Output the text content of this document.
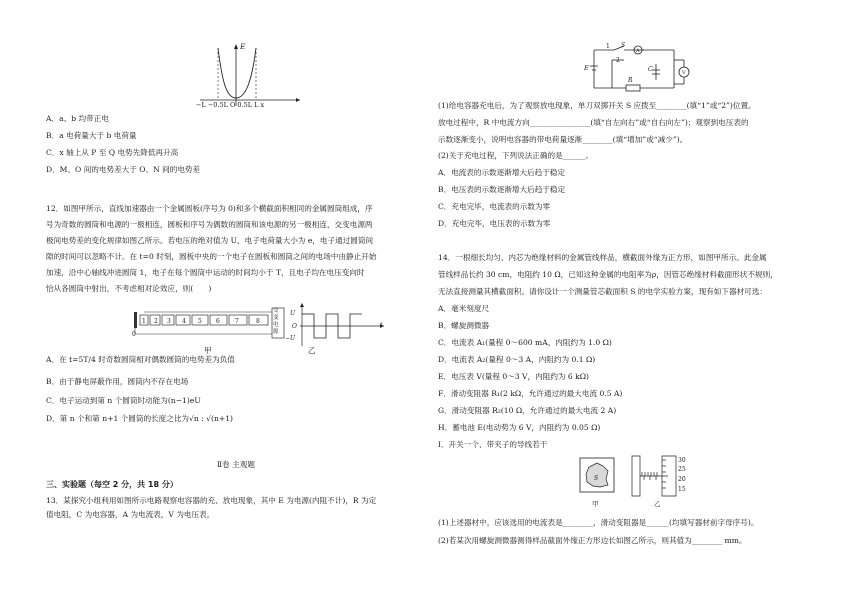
E
−L −0.5L O 0.5L L x
A．a、b 均带正电
B．a 电荷量大于 b 电荷量
C．x 轴上从 P 至 Q 电势先降低再升高
D．M、O 间的电势差大于 O、N 间的电势差
12．如图甲所示，直线加速器由一个金属圆板(序号为 0)和多个横截面积相同的金属圆筒组成，序
号为奇数的圆筒和电源的一极相连，圆板和序号为偶数的圆筒和该电源的另一极相连，交变电源两
极间电势差的变化规律如图乙所示。若电压的绝对值为 U，电子电荷量大小为 e，电子通过圆筒间
隙的时间可以忽略不计。在 t=0 时刻，圆板中央的一个电子在圆板和圆筒之间的电场中由静止开始
加速，沿中心轴线冲进圆筒 1，电子在每个圆筒中运动的时间均小于 T，且电子均在电压变向时
恰从各圆筒中射出，不考虑相对论效应，则(　　)
1 2 3 4 5 6	7	8
0
交变电源
甲
U
O
−U
t
乙
A．在 t=5T/4 时奇数圆筒相对偶数圆筒的电势差为负值
B．由于静电屏蔽作用，圆筒内不存在电场
C．电子运动到第 n 个圆筒时动能为(n−1)eU
D．第 n 个和第 n+1 个圆筒的长度之比为√n : √(n+1)
Ⅱ卷 主观题
三、实验题（每空 2 分，共 18 分）
13．某探究小组利用如图所示电路观察电容器的充、放电现象，其中 E 为电源(内阻不计)，R 为定
值电阻，C 为电容器，A 为电流表，V 为电压表。
E
1
2
S
A
C	V
R
(1)给电容器充电后，为了观察放电现象，单刀双掷开关 S 应拨至________(填“1”或“2”)位置。
放电过程中，R 中电流方向________________(填“自左向右”或“自右向左”)；观察到电压表的
示数逐渐变小，说明电容器的带电荷量逐渐________(填“增加”或“减少”)。
(2)关于充电过程，下列说法正确的是______。
A．电流表的示数逐渐增大后趋于稳定
B．电压表的示数逐渐增大后趋于稳定
C．充电完毕，电流表的示数为零
D．充电完毕，电压表的示数为零
14．一根细长均匀、内芯为绝缘材料的金属管线样品，横截面外缘为正方形，如图甲所示。此金属
管线样品长约 30 cm，电阻约 10 Ω，已知这种金属的电阻率为ρ，因管芯绝缘材料截面形状不规则，
无法直接测量其横截面积。请你设计一个测量管芯截面积 S 的电学实验方案，现有如下器材可选：
A．毫米刻度尺
B．螺旋测微器
C．电流表 A₁(量程 0～600 mA，内阻约为 1.0 Ω)
D．电流表 A₂(量程 0～3 A，内阻约为 0.1 Ω)
E．电压表 V(量程 0～3 V，内阻约为 6 kΩ)
F．滑动变阻器 R₁(2 kΩ，允许通过的最大电流 0.5 A)
G．滑动变阻器 R₂(10 Ω，允许通过的最大电流 2 A)
H．蓄电池 E(电动势为 6 V，内阻约为 0.05 Ω)
I．开关一个、带夹子的导线若干
S
甲
30
25
20
15
乙
(1)上述器材中，应该选用的电流表是________，滑动变阻器是______(均填写器材前字母序号)。
(2)若某次用螺旋测微器测得样品截面外缘正方形边长如图乙所示，则其值为________ mm。
